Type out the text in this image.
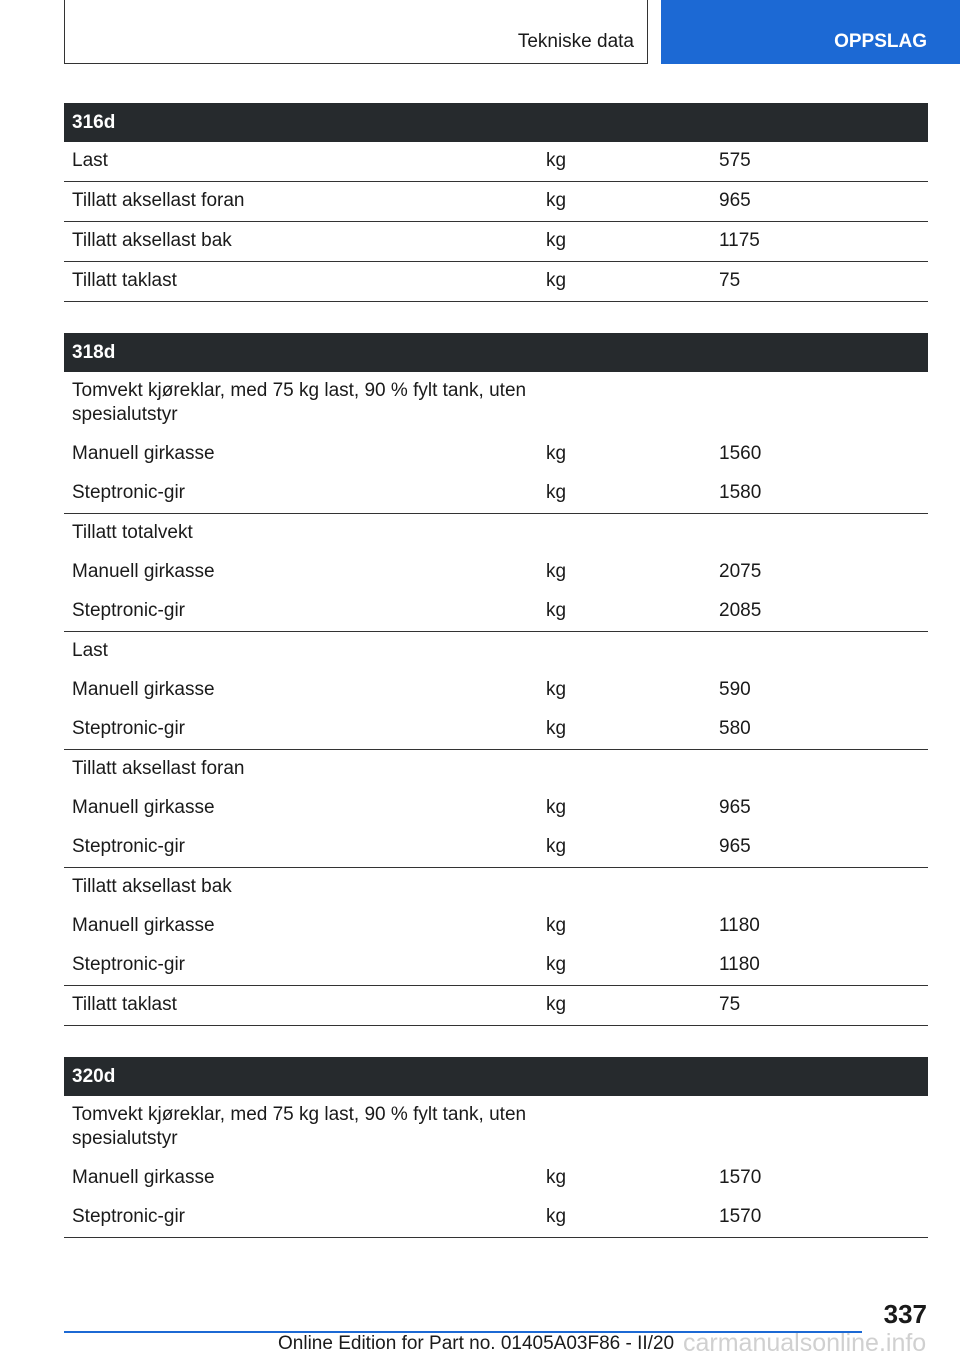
Tekniske data	OPPSLAG
316d
Last	kg	575
Tillatt aksellast foran	kg	965
Tillatt aksellast bak	kg	1175
Tillatt taklast	kg	75
318d
Tomvekt kjøreklar, med 75 kg last, 90 % fylt tank, uten spesialutstyr
Manuell girkasse	kg	1560
Steptronic-gir	kg	1580
Tillatt totalvekt
Manuell girkasse	kg	2075
Steptronic-gir	kg	2085
Last
Manuell girkasse	kg	590
Steptronic-gir	kg	580
Tillatt aksellast foran
Manuell girkasse	kg	965
Steptronic-gir	kg	965
Tillatt aksellast bak
Manuell girkasse	kg	1180
Steptronic-gir	kg	1180
Tillatt taklast	kg	75
320d
Tomvekt kjøreklar, med 75 kg last, 90 % fylt tank, uten spesialutstyr
Manuell girkasse	kg	1570
Steptronic-gir	kg	1570
337
Online Edition for Part no. 01405A03F86 - II/20 carmanualsonline.info
